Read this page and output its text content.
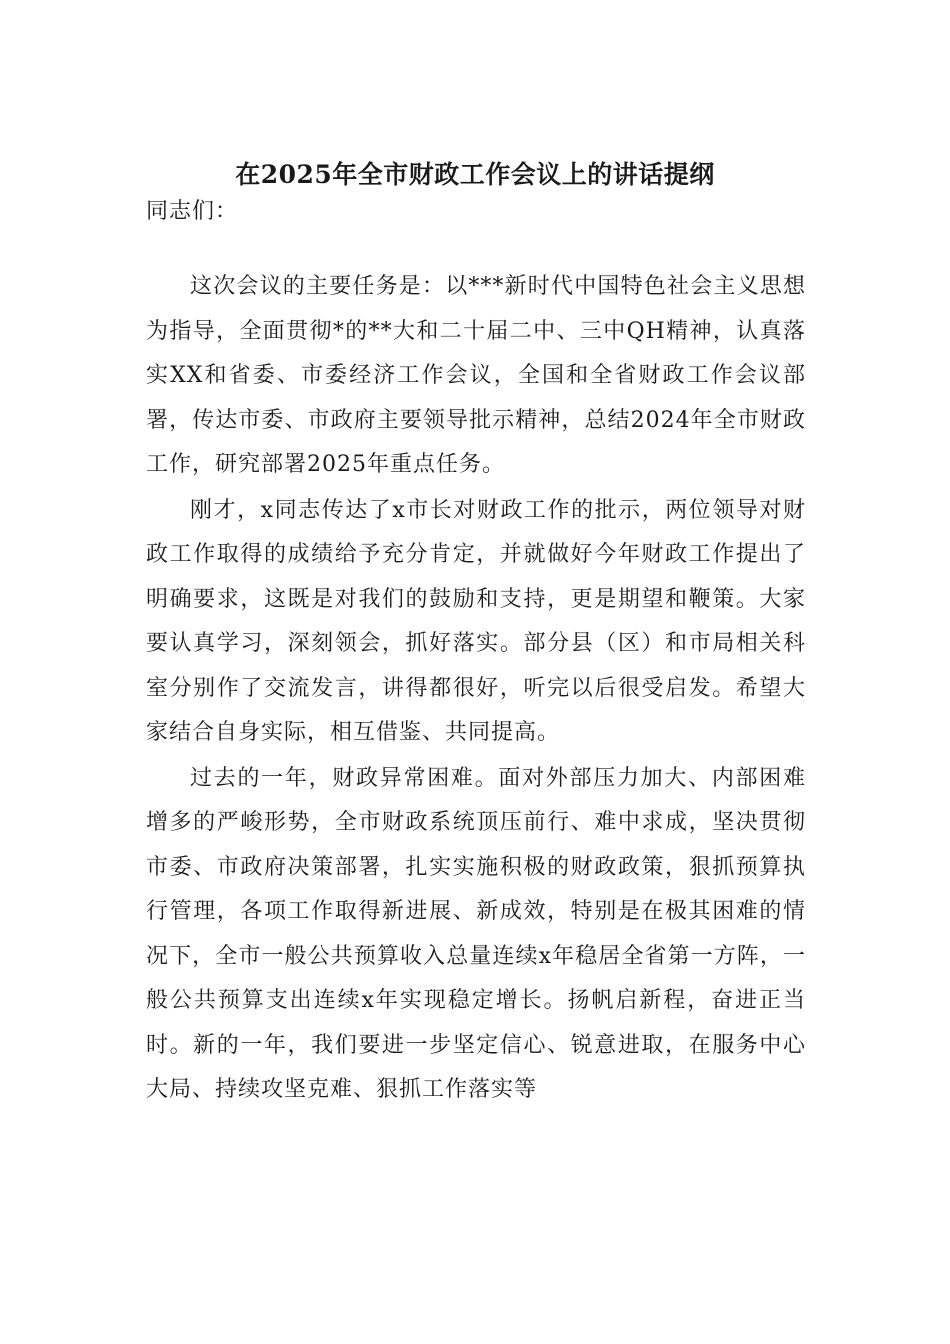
在2025年全市财政工作会议上的讲话提纲
同志们：

这次会议的主要任务是：以***新时代中国特色社会主义思想为指导，全面贯彻*的**大和二十届二中、三中QH精神，认真落实XX和省委、市委经济工作会议，全国和全省财政工作会议部署，传达市委、市政府主要领导批示精神，总结2024年全市财政工作，研究部署2025年重点任务。

刚才，x同志传达了x市长对财政工作的批示，两位领导对财政工作取得的成绩给予充分肯定，并就做好今年财政工作提出了明确要求，这既是对我们的鼓励和支持，更是期望和鞭策。大家要认真学习，深刻领会，抓好落实。部分县（区）和市局相关科室分别作了交流发言，讲得都很好，听完以后很受启发。希望大家结合自身实际，相互借鉴、共同提高。

过去的一年，财政异常困难。面对外部压力加大、内部困难增多的严峻形势，全市财政系统顶压前行、难中求成，坚决贯彻市委、市政府决策部署，扎实实施积极的财政政策，狠抓预算执行管理，各项工作取得新进展、新成效，特别是在极其困难的情况下，全市一般公共预算收入总量连续x年稳居全省第一方阵，一般公共预算支出连续x年实现稳定增长。扬帆启新程，奋进正当时。新的一年，我们要进一步坚定信心、锐意进取，在服务中心大局、持续攻坚克难、狠抓工作落实等
